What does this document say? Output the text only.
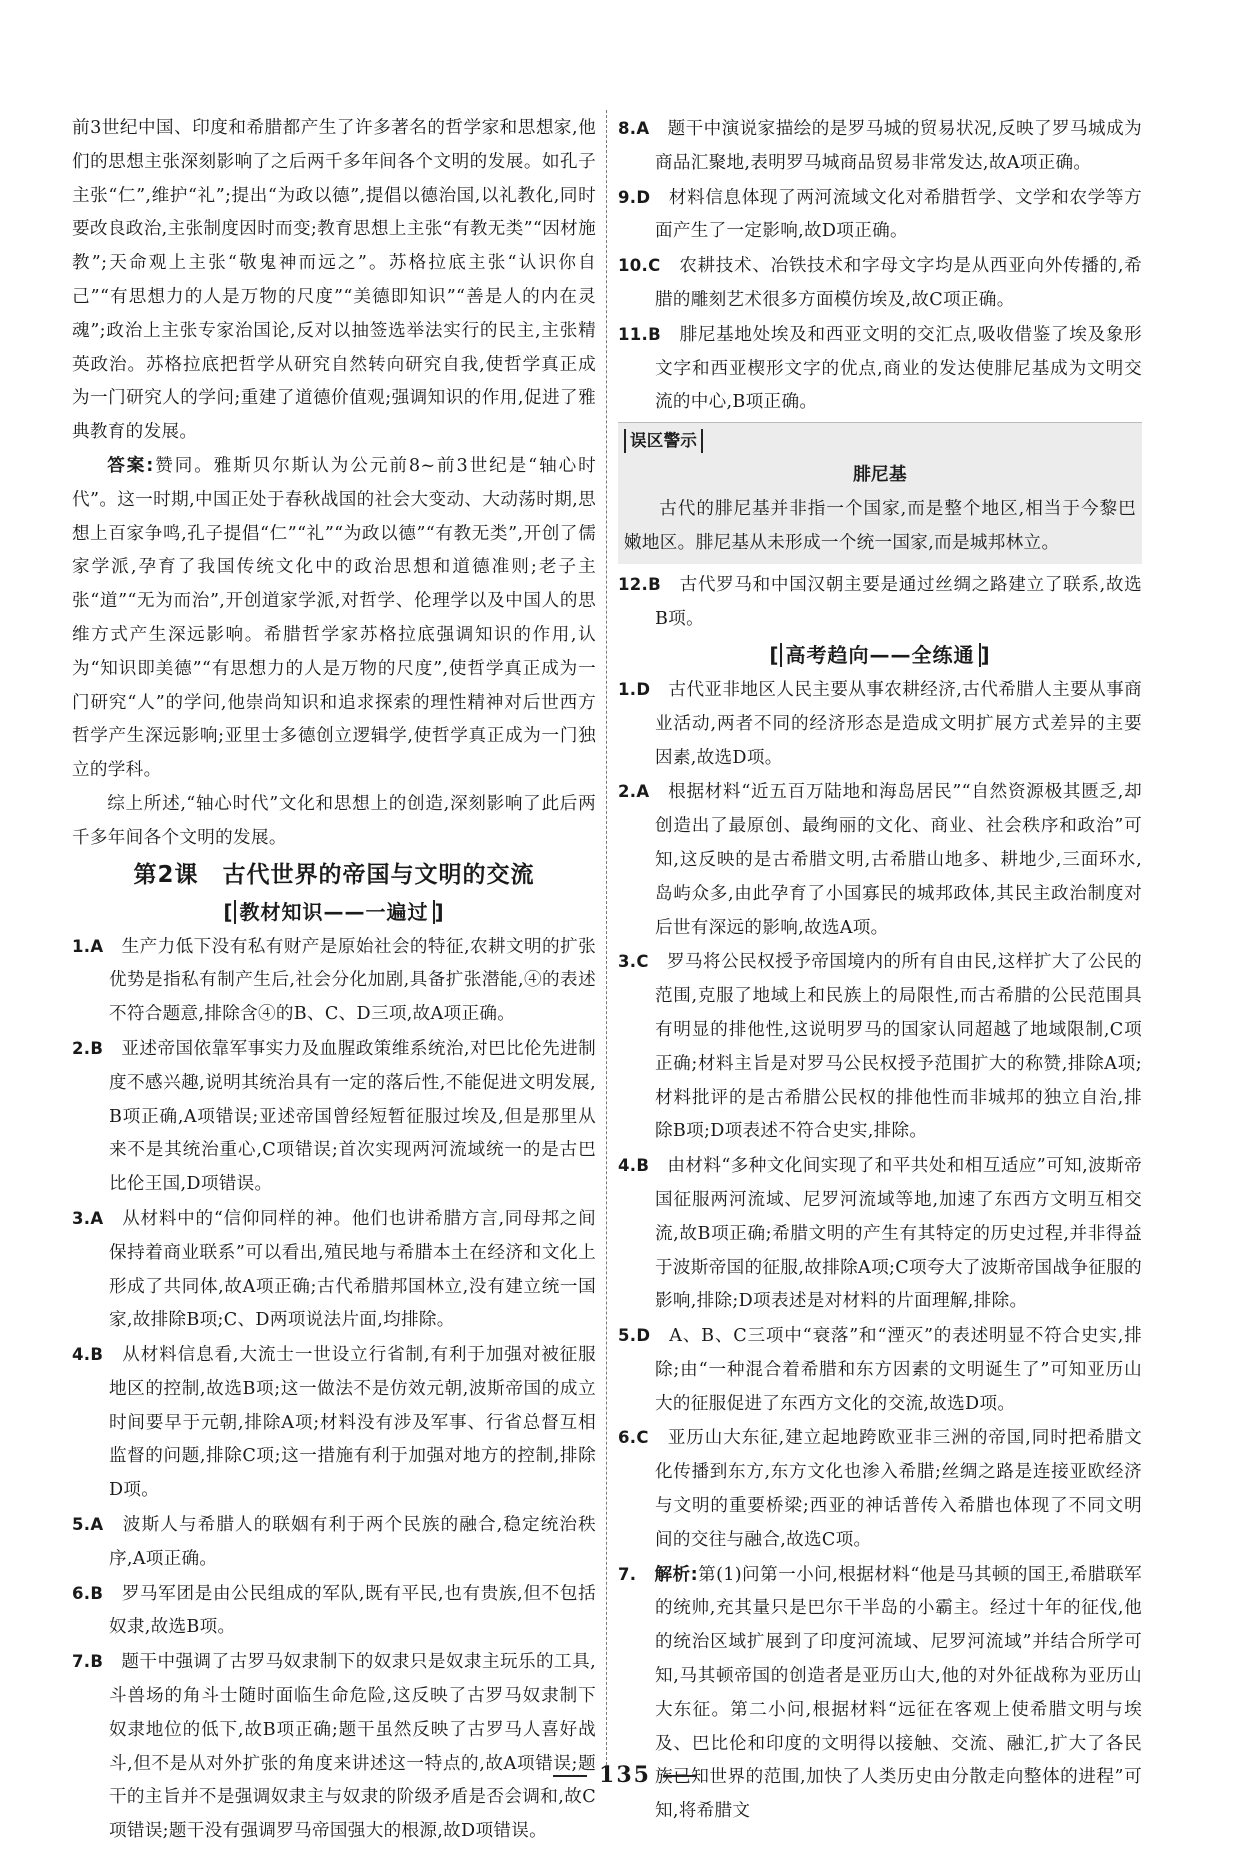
前3世纪中国、印度和希腊都产生了许多著名的哲学家和思想家,他们的思想主张深刻影响了之后两千多年间各个文明的发展。如孔子主张“仁”,维护“礼”;提出“为政以德”,提倡以德治国,以礼教化,同时要改良政治,主张制度因时而变;教育思想上主张“有教无类”“因材施教”;天命观上主张“敬鬼神而远之”。苏格拉底主张“认识你自己”“有思想力的人是万物的尺度”“美德即知识”“善是人的内在灵魂”;政治上主张专家治国论,反对以抽签选举法实行的民主,主张精英政治。苏格拉底把哲学从研究自然转向研究自我,使哲学真正成为一门研究人的学问;重建了道德价值观;强调知识的作用,促进了雅典教育的发展。

答案:赞同。雅斯贝尔斯认为公元前8~前3世纪是“轴心时代”。这一时期,中国正处于春秋战国的社会大变动、大动荡时期,思想上百家争鸣,孔子提倡“仁”“礼”“为政以德”“有教无类”,开创了儒家学派,孕育了我国传统文化中的政治思想和道德准则;老子主张“道”“无为而治”,开创道家学派,对哲学、伦理学以及中国人的思维方式产生深远影响。希腊哲学家苏格拉底强调知识的作用,认为“知识即美德”“有思想力的人是万物的尺度”,使哲学真正成为一门研究“人”的学问,他崇尚知识和追求探索的理性精神对后世西方哲学产生深远影响;亚里士多德创立逻辑学,使哲学真正成为一门独立的学科。

综上所述,“轴心时代”文化和思想上的创造,深刻影响了此后两千多年间各个文明的发展。

第2课　古代世界的帝国与文明的交流
[ 教材知识——一遍过 ]

1.A　 生产力低下没有私有财产是原始社会的特征,农耕文明的扩张优势是指私有制产生后,社会分化加剧,具备扩张潜能,④的表述不符合题意,排除含④的B、C、D三项,故A项正确。

2.B　 亚述帝国依靠军事实力及血腥政策维系统治,对巴比伦先进制度不感兴趣,说明其统治具有一定的落后性,不能促进文明发展,B项正确,A项错误;亚述帝国曾经短暂征服过埃及,但是那里从来不是其统治重心,C项错误;首次实现两河流域统一的是古巴比伦王国,D项错误。

3.A　 从材料中的“信仰同样的神。他们也讲希腊方言,同母邦之间保持着商业联系”可以看出,殖民地与希腊本土在经济和文化上形成了共同体,故A项正确;古代希腊邦国林立,没有建立统一国家,故排除B项;C、D两项说法片面,均排除。

4.B　 从材料信息看,大流士一世设立行省制,有利于加强对被征服地区的控制,故选B项;这一做法不是仿效元朝,波斯帝国的成立时间要早于元朝,排除A项;材料没有涉及军事、行省总督互相监督的问题,排除C项;这一措施有利于加强对地方的控制,排除D项。

5.A　 波斯人与希腊人的联姻有利于两个民族的融合,稳定统治秩序,A项正确。

6.B　 罗马军团是由公民组成的军队,既有平民,也有贵族,但不包括奴隶,故选B项。

7.B　 题干中强调了古罗马奴隶制下的奴隶只是奴隶主玩乐的工具,斗兽场的角斗士随时面临生命危险,这反映了古罗马奴隶制下奴隶地位的低下,故B项正确;题干虽然反映了古罗马人喜好战斗,但不是从对外扩张的角度来讲述这一特点的,故A项错误;题干的主旨并不是强调奴隶主与奴隶的阶级矛盾是否会调和,故C项错误;题干没有强调罗马帝国强大的根源,故D项错误。

8.A　 题干中演说家描绘的是罗马城的贸易状况,反映了罗马城成为商品汇聚地,表明罗马城商品贸易非常发达,故A项正确。

9.D　 材料信息体现了两河流域文化对希腊哲学、文学和农学等方面产生了一定影响,故D项正确。

10.C　 农耕技术、冶铁技术和字母文字均是从西亚向外传播的,希腊的雕刻艺术很多方面模仿埃及,故C项正确。

11.B　 腓尼基地处埃及和西亚文明的交汇点,吸收借鉴了埃及象形文字和西亚楔形文字的优点,商业的发达使腓尼基成为文明交流的中心,B项正确。

误区警示
腓尼基

古代的腓尼基并非指一个国家,而是整个地区,相当于今黎巴嫩地区。腓尼基从未形成一个统一国家,而是城邦林立。

12.B　 古代罗马和中国汉朝主要是通过丝绸之路建立了联系,故选B项。

[ 高考趋向——全练通 ]

1.D　 古代亚非地区人民主要从事农耕经济,古代希腊人主要从事商业活动,两者不同的经济形态是造成文明扩展方式差异的主要因素,故选D项。

2.A　 根据材料“近五百万陆地和海岛居民”“自然资源极其匮乏,却创造出了最原创、最绚丽的文化、商业、社会秩序和政治”可知,这反映的是古希腊文明,古希腊山地多、耕地少,三面环水,岛屿众多,由此孕育了小国寡民的城邦政体,其民主政治制度对后世有深远的影响,故选A项。

3.C　 罗马将公民权授予帝国境内的所有自由民,这样扩大了公民的范围,克服了地域上和民族上的局限性,而古希腊的公民范围具有明显的排他性,这说明罗马的国家认同超越了地域限制,C项正确;材料主旨是对罗马公民权授予范围扩大的称赞,排除A项;材料批评的是古希腊公民权的排他性而非城邦的独立自治,排除B项;D项表述不符合史实,排除。

4.B　 由材料“多种文化间实现了和平共处和相互适应”可知,波斯帝国征服两河流域、尼罗河流域等地,加速了东西方文明互相交流,故B项正确;希腊文明的产生有其特定的历史过程,并非得益于波斯帝国的征服,故排除A项;C项夸大了波斯帝国战争征服的影响,排除;D项表述是对材料的片面理解,排除。

5.D　 A、B、C三项中“衰落”和“湮灭”的表述明显不符合史实,排除;由“一种混合着希腊和东方因素的文明诞生了”可知亚历山大的征服促进了东西方文化的交流,故选D项。

6.C　 亚历山大东征,建立起地跨欧亚非三洲的帝国,同时把希腊文化传播到东方,东方文化也渗入希腊;丝绸之路是连接亚欧经济与文明的重要桥梁;西亚的神话普传入希腊也体现了不同文明间的交往与融合,故选C项。

7.　 解析:第(1)问第一小问,根据材料“他是马其顿的国王,希腊联军的统帅,充其量只是巴尔干半岛的小霸主。经过十年的征伐,他的统治区域扩展到了印度河流域、尼罗河流域”并结合所学可知,马其顿帝国的创造者是亚历山大,他的对外征战称为亚历山大东征。第二小问,根据材料“远征在客观上使希腊文明与埃及、巴比伦和印度的文明得以接触、交流、融汇,扩大了各民族已知世界的范围,加快了人类历史由分散走向整体的进程”可知,将希腊文

135
